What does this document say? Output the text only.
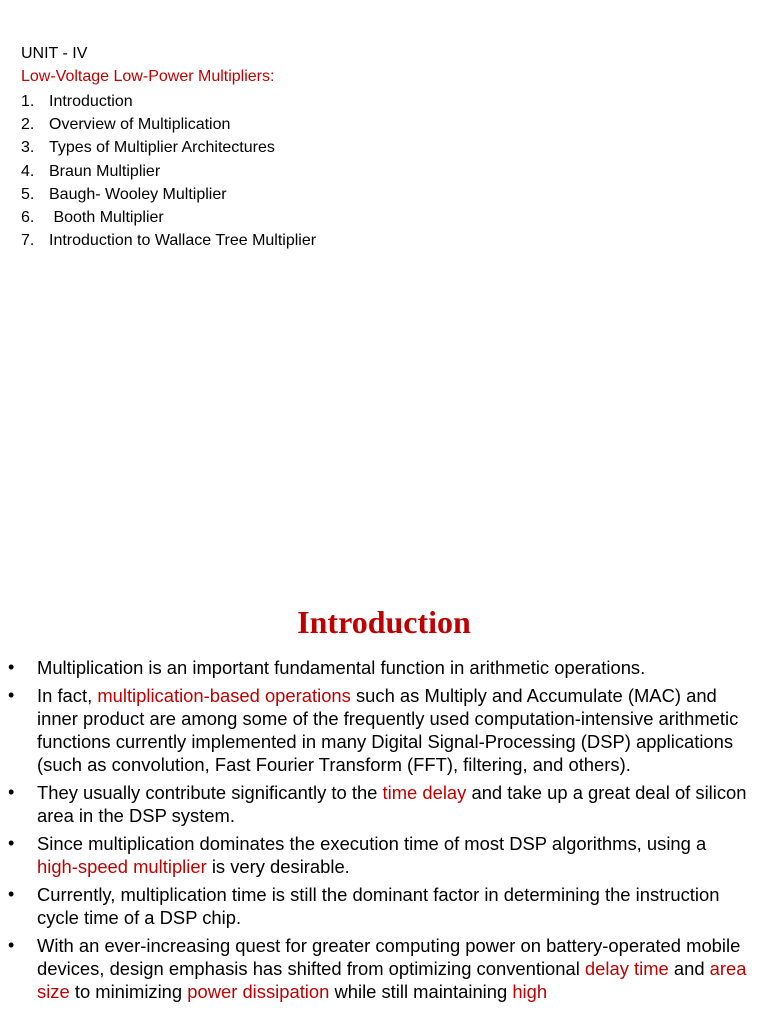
UNIT - IV
Low-Voltage Low-Power Multipliers:
1. Introduction
2. Overview of Multiplication
3. Types of Multiplier Architectures
4. Braun Multiplier
5. Baugh- Wooley Multiplier
6. Booth Multiplier
7. Introduction to Wallace Tree Multiplier
Introduction
• Multiplication is an important fundamental function in arithmetic operations.
• In fact, multiplication-based operations such as Multiply and Accumulate (MAC) and inner product are among some of the frequently used computation-intensive arithmetic functions currently implemented in many Digital Signal-Processing (DSP) applications (such as convolution, Fast Fourier Transform (FFT), filtering, and others).
• They usually contribute significantly to the time delay and take up a great deal of silicon area in the DSP system.
• Since multiplication dominates the execution time of most DSP algorithms, using a high-speed multiplier is very desirable.
• Currently, multiplication time is still the dominant factor in determining the instruction cycle time of a DSP chip.
• With an ever-increasing quest for greater computing power on battery-operated mobile devices, design emphasis has shifted from optimizing conventional delay time and area size to minimizing power dissipation while still maintaining high
